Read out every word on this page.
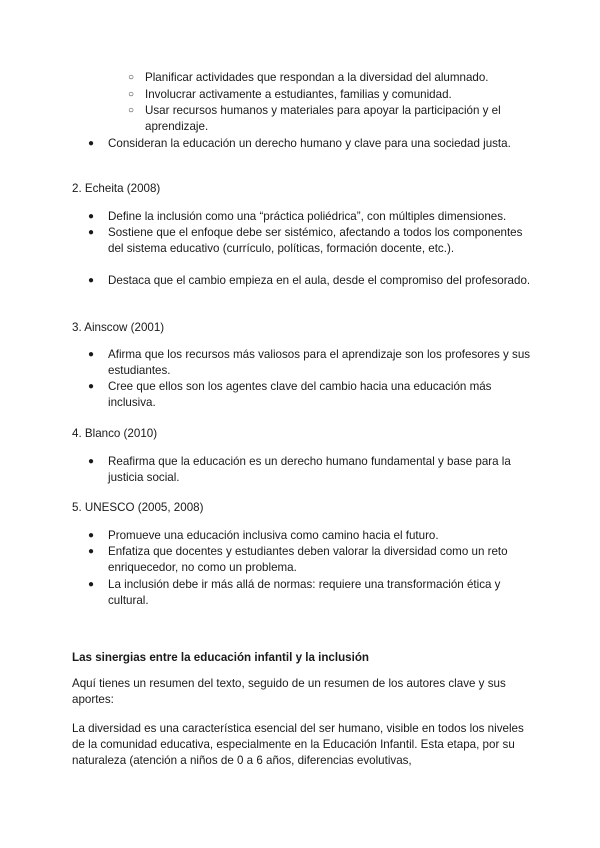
○ Planificar actividades que respondan a la diversidad del alumnado.
○ Involucrar activamente a estudiantes, familias y comunidad.
○ Usar recursos humanos y materiales para apoyar la participación y el aprendizaje.
● Consideran la educación un derecho humano y clave para una sociedad justa.
2. Echeita (2008)
● Define la inclusión como una “práctica poliédrica”, con múltiples dimensiones.
● Sostiene que el enfoque debe ser sistémico, afectando a todos los componentes del sistema educativo (currículo, políticas, formación docente, etc.).
● Destaca que el cambio empieza en el aula, desde el compromiso del profesorado.
3. Ainscow (2001)
● Afirma que los recursos más valiosos para el aprendizaje son los profesores y sus estudiantes.
● Cree que ellos son los agentes clave del cambio hacia una educación más inclusiva.
4. Blanco (2010)
● Reafirma que la educación es un derecho humano fundamental y base para la justicia social.
5. UNESCO (2005, 2008)
● Promueve una educación inclusiva como camino hacia el futuro.
● Enfatiza que docentes y estudiantes deben valorar la diversidad como un reto enriquecedor, no como un problema.
● La inclusión debe ir más allá de normas: requiere una transformación ética y cultural.
Las sinergias entre la educación infantil y la inclusión
Aquí tienes un resumen del texto, seguido de un resumen de los autores clave y sus aportes:
La diversidad es una característica esencial del ser humano, visible en todos los niveles de la comunidad educativa, especialmente en la Educación Infantil. Esta etapa, por su naturaleza (atención a niños de 0 a 6 años, diferencias evolutivas,
